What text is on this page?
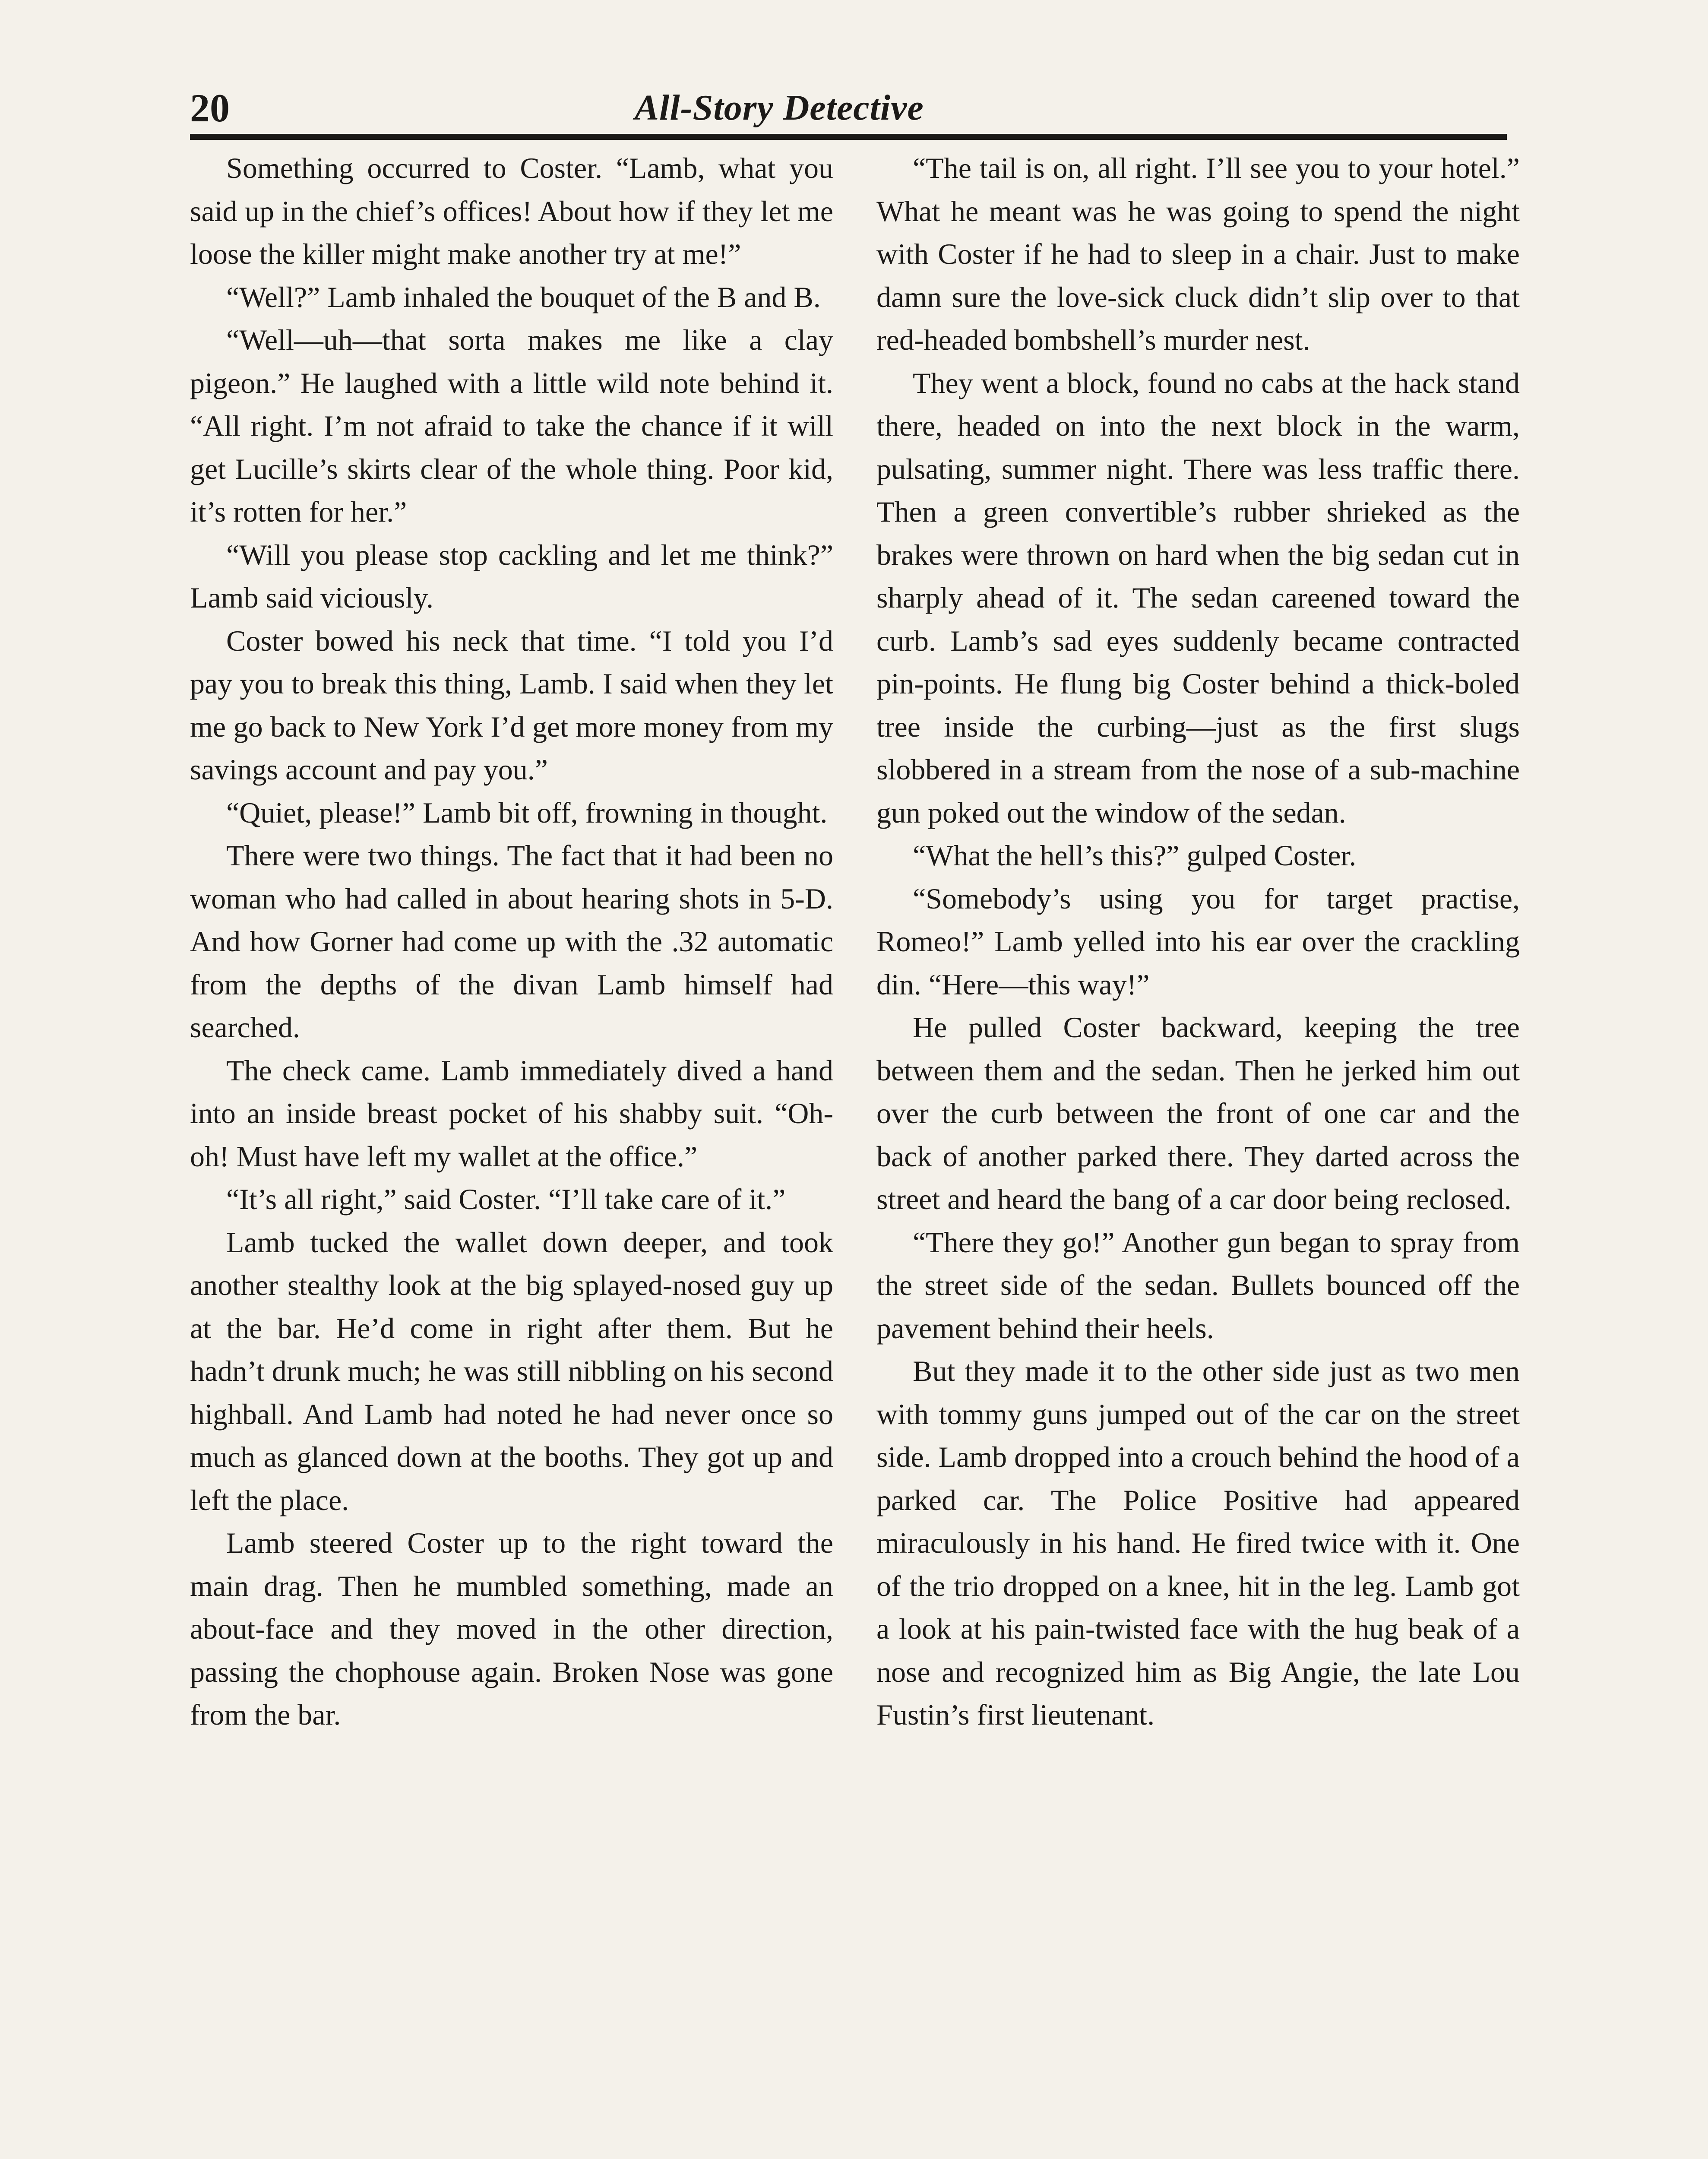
20	All-Story Detective

Something occurred to Coster. “Lamb, what you said up in the chief’s offices! About how if they let me loose the killer might make another try at me!”

“Well?” Lamb inhaled the bouquet of the B and B.

“Well—uh—that sorta makes me like a clay pigeon.” He laughed with a little wild note behind it. “All right. I’m not afraid to take the chance if it will get Lucille’s skirts clear of the whole thing. Poor kid, it’s rotten for her.”

“Will you please stop cackling and let me think?” Lamb said viciously.

Coster bowed his neck that time. “I told you I’d pay you to break this thing, Lamb. I said when they let me go back to New York I’d get more money from my savings account and pay you.”

“Quiet, please!” Lamb bit off, frowning in thought.

There were two things. The fact that it had been no woman who had called in about hearing shots in 5-D. And how Gorner had come up with the .32 automatic from the depths of the divan Lamb himself had searched.

The check came. Lamb immediately dived a hand into an inside breast pocket of his shabby suit. “Oh-oh! Must have left my wallet at the office.”

“It’s all right,” said Coster. “I’ll take care of it.”

Lamb tucked the wallet down deeper, and took another stealthy look at the big splayed-nosed guy up at the bar. He’d come in right after them. But he hadn’t drunk much; he was still nibbling on his second highball. And Lamb had noted he had never once so much as glanced down at the booths. They got up and left the place.

Lamb steered Coster up to the right toward the main drag. Then he mumbled something, made an about-face and they moved in the other direction, passing the chophouse again. Broken Nose was gone from the bar.

“The tail is on, all right. I’ll see you to your hotel.” What he meant was he was going to spend the night with Coster if he had to sleep in a chair. Just to make damn sure the love-sick cluck didn’t slip over to that red-headed bombshell’s murder nest.

They went a block, found no cabs at the hack stand there, headed on into the next block in the warm, pulsating, summer night. There was less traffic there. Then a green convertible’s rubber shrieked as the brakes were thrown on hard when the big sedan cut in sharply ahead of it. The sedan careened toward the curb. Lamb’s sad eyes suddenly became contracted pin-points. He flung big Coster behind a thick-boled tree inside the curbing—just as the first slugs slobbered in a stream from the nose of a sub-machine gun poked out the window of the sedan.

“What the hell’s this?” gulped Coster.

“Somebody’s using you for target practise, Romeo!” Lamb yelled into his ear over the crackling din. “Here—this way!”

He pulled Coster backward, keeping the tree between them and the sedan. Then he jerked him out over the curb between the front of one car and the back of another parked there. They darted across the street and heard the bang of a car door being reclosed.

“There they go!” Another gun began to spray from the street side of the sedan. Bullets bounced off the pavement behind their heels.

But they made it to the other side just as two men with tommy guns jumped out of the car on the street side. Lamb dropped into a crouch behind the hood of a parked car. The Police Positive had appeared miraculously in his hand. He fired twice with it. One of the trio dropped on a knee, hit in the leg. Lamb got a look at his pain-twisted face with the hug beak of a nose and recognized him as Big Angie, the late Lou Fustin’s first lieutenant.
